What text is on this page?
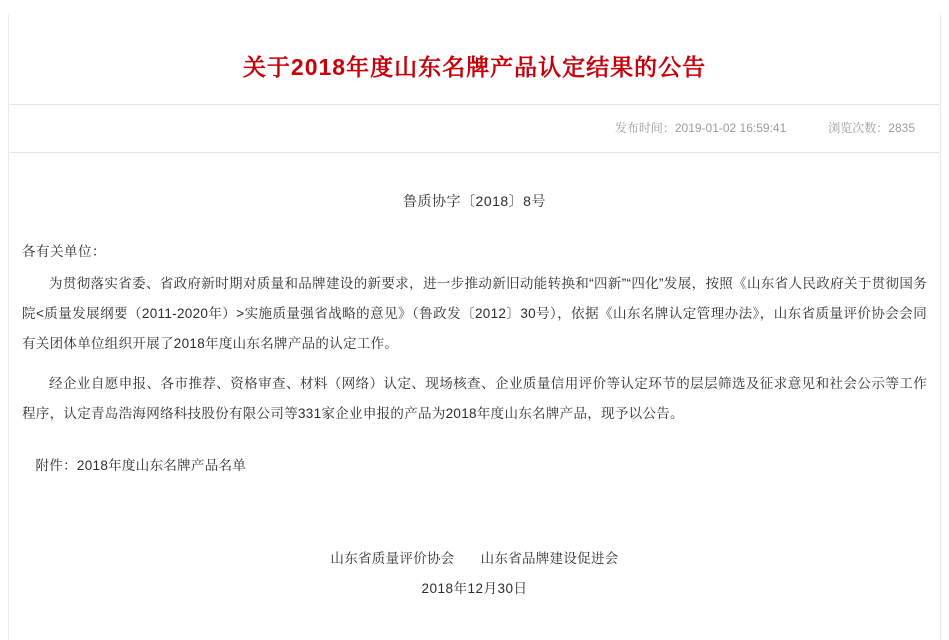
关于2018年度山东名牌产品认定结果的公告
发布时间：2019-01-02 16:59:41	浏览次数：2835
鲁质协字〔2018〕8号

各有关单位：

为贯彻落实省委、省政府新时期对质量和品牌建设的新要求，进一步推动新旧动能转换和“四新”“四化”发展，按照《山东省人民政府关于贯彻国务院<质量发展纲要（2011-2020年）>实施质量强省战略的意见》（鲁政发〔2012〕30号），依据《山东名牌认定管理办法》，山东省质量评价协会会同有关团体单位组织开展了2018年度山东名牌产品的认定工作。

经企业自愿申报、各市推荐、资格审查、材料（网络）认定、现场核查、企业质量信用评价等认定环节的层层筛选及征求意见和社会公示等工作程序，认定青岛浩海网络科技股份有限公司等331家企业申报的产品为2018年度山东名牌产品，现予以公告。

附件：2018年度山东名牌产品名单

山东省质量评价协会 山东省品牌建设促进会
2018年12月30日
